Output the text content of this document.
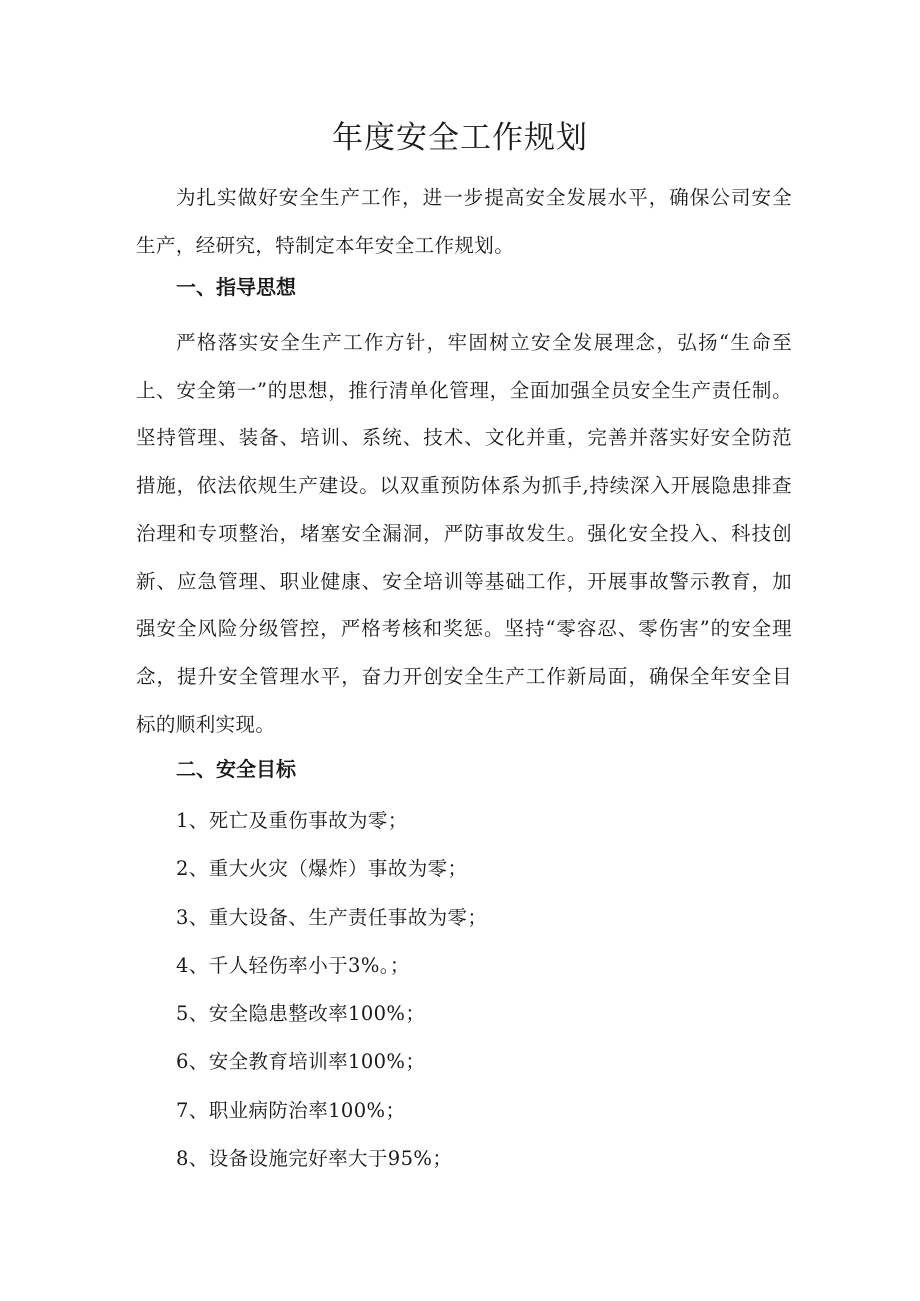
年度安全工作规划

为扎实做好安全生产工作，进一步提高安全发展水平，确保公司安全生产，经研究，特制定本年安全工作规划。

一、指导思想

严格落实安全生产工作方针，牢固树立安全发展理念，弘扬“生命至上、安全第一”的思想，推行清单化管理，全面加强全员安全生产责任制。坚持管理、装备、培训、系统、技术、文化并重，完善并落实好安全防范措施，依法依规生产建设。以双重预防体系为抓手,持续深入开展隐患排查治理和专项整治，堵塞安全漏洞，严防事故发生。强化安全投入、科技创新、应急管理、职业健康、安全培训等基础工作，开展事故警示教育，加强安全风险分级管控，严格考核和奖惩。坚持“零容忍、零伤害”的安全理念，提升安全管理水平，奋力开创安全生产工作新局面，确保全年安全目标的顺利实现。

二、安全目标
1、死亡及重伤事故为零；
2、重大火灾（爆炸）事故为零；
3、重大设备、生产责任事故为零；
4、千人轻伤率小于3%。；
5、安全隐患整改率100%；
6、安全教育培训率100%；
7、职业病防治率100%；
8、设备设施完好率大于95%；
